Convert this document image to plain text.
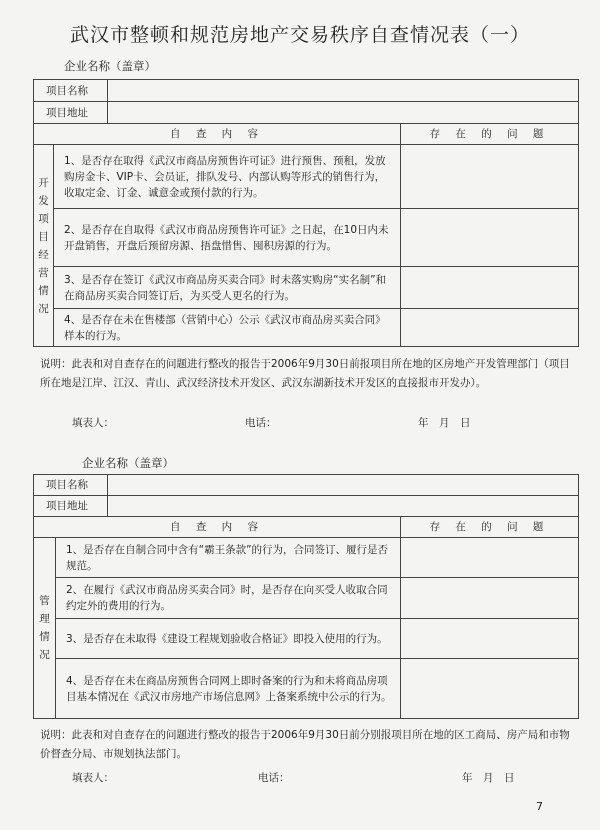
武汉市整顿和规范房地产交易秩序自查情况表（一）
企业名称（盖章）
项目名称			
项目地址			
自 查 内 容			存 在 的 问 题

开发项目经营情况	1、是否存在取得《武汉市商品房预售许可证》进行预售、预租，发放购房金卡、VIP卡、会员证，排队发号、内部认购等形式的销售行为，收取定金、订金、诚意金或预付款的行为。		
	2、是否存在自取得《武汉市商品房预售许可证》之日起，在10日内未开盘销售，开盘后预留房源、捂盘惜售、囤积房源的行为。		
	3、是否存在签订《武汉市商品房买卖合同》时未落实购房“实名制”和在商品房买卖合同签订后，为买受人更名的行为。		
	4、是否存在未在售楼部（营销中心）公示《武汉市商品房买卖合同》样本的行为。		
说明：此表和对自查存在的问题进行整改的报告于2006年9月30日前报项目所在地的区房地产开发管理部门（项目所在地是江岸、江汉、青山、武汉经济技术开发区、武汉东湖新技术开发区的直接报市开发办）。
填表人：	电话：	年　月　日
企业名称（盖章）
项目名称			
项目地址			
自 查 内 容			存 在 的 问 题

管理情况	1、是否存在自制合同中含有“霸王条款”的行为，合同签订、履行是否规范。		
	2、在履行《武汉市商品房买卖合同》时，是否存在向买受人收取合同约定外的费用的行为。		
	3、是否存在未取得《建设工程规划验收合格证》即投入使用的行为。		
	4、是否存在未在商品房预售合同网上即时备案的行为和未将商品房项目基本情况在《武汉市房地产市场信息网》上备案系统中公示的行为。		
说明：此表和对自查存在的问题进行整改的报告于2006年9月30日前分别报项目所在地的区工商局、房产局和市物价督查分局、市规划执法部门。
填表人：	电话：	年　月　日
7
